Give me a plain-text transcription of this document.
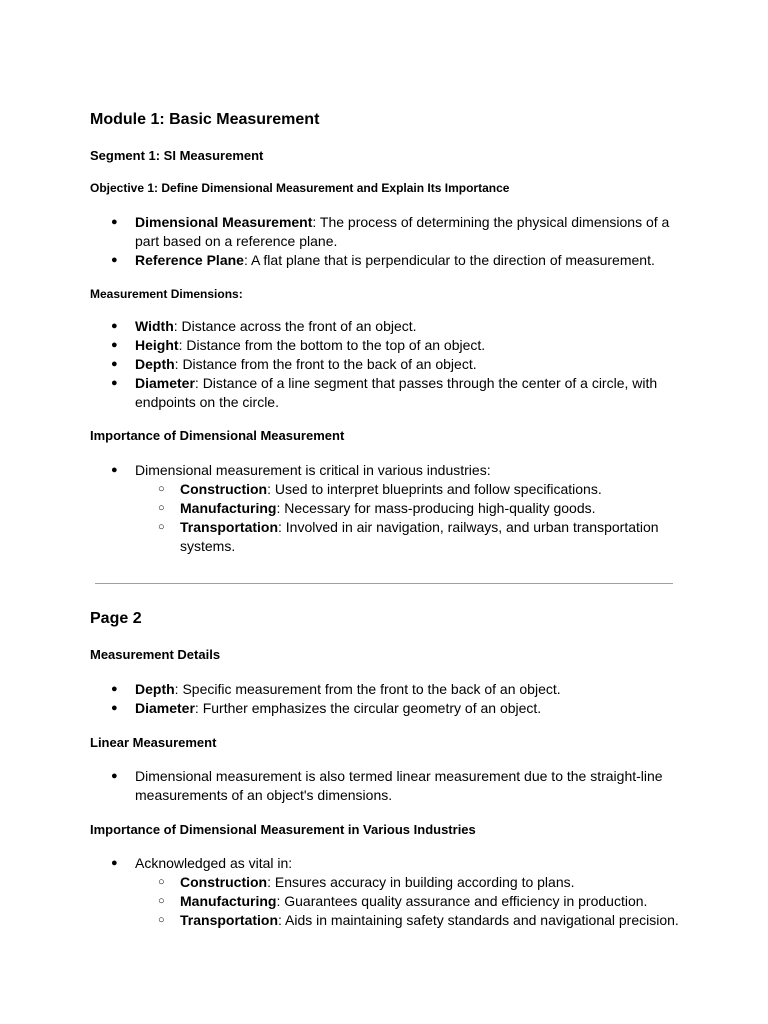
Module 1: Basic Measurement
Segment 1: SI Measurement
Objective 1: Define Dimensional Measurement and Explain Its Importance
● Dimensional Measurement: The process of determining the physical dimensions of a part based on a reference plane.
● Reference Plane: A flat plane that is perpendicular to the direction of measurement.
Measurement Dimensions:
● Width: Distance across the front of an object.
● Height: Distance from the bottom to the top of an object.
● Depth: Distance from the front to the back of an object.
● Diameter: Distance of a line segment that passes through the center of a circle, with endpoints on the circle.
Importance of Dimensional Measurement
● Dimensional measurement is critical in various industries:
○ Construction: Used to interpret blueprints and follow specifications.
○ Manufacturing: Necessary for mass-producing high-quality goods.
○ Transportation: Involved in air navigation, railways, and urban transportation systems.
Page 2
Measurement Details
● Depth: Specific measurement from the front to the back of an object.
● Diameter: Further emphasizes the circular geometry of an object.
Linear Measurement
● Dimensional measurement is also termed linear measurement due to the straight-line measurements of an object's dimensions.
Importance of Dimensional Measurement in Various Industries
● Acknowledged as vital in:
○ Construction: Ensures accuracy in building according to plans.
○ Manufacturing: Guarantees quality assurance and efficiency in production.
○ Transportation: Aids in maintaining safety standards and navigational precision.
